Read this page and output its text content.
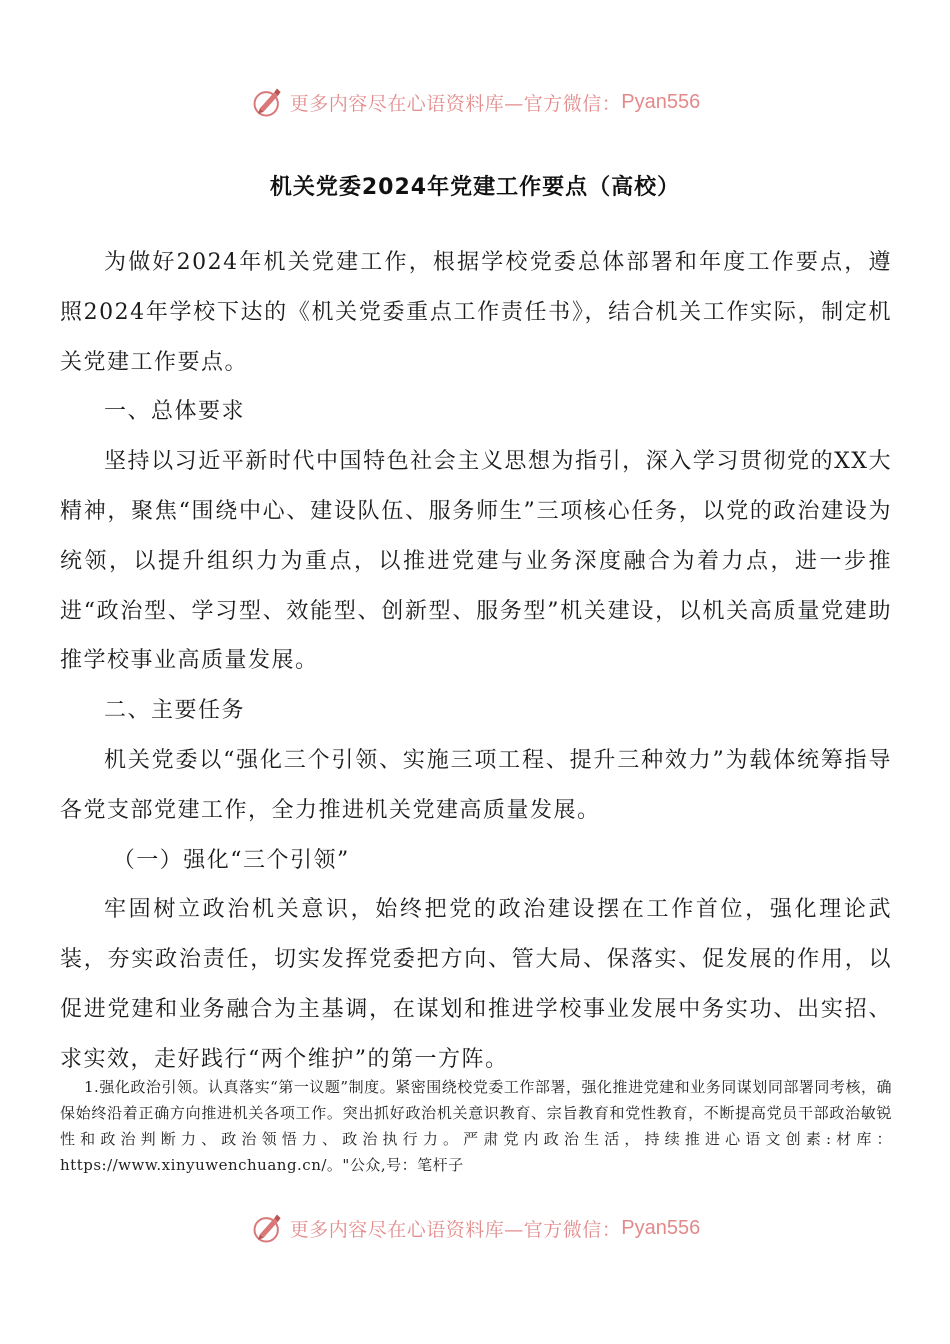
更多内容尽在心语资料库—官方微信： Pyan556
机关党委2024年党建工作要点（高校）

为做好2024年机关党建工作，根据学校党委总体部署和年度工作要点，遵照2024年学校下达的《机关党委重点工作责任书》，结合机关工作实际，制定机关党建工作要点。

一、总体要求

坚持以习近平新时代中国特色社会主义思想为指引，深入学习贯彻党的XX大精神，聚焦“围绕中心、建设队伍、服务师生”三项核心任务，以党的政治建设为统领，以提升组织力为重点，以推进党建与业务深度融合为着力点，进一步推进“政治型、学习型、效能型、创新型、服务型”机关建设，以机关高质量党建助推学校事业高质量发展。

二、主要任务

机关党委以“强化三个引领、实施三项工程、提升三种效力”为载体统筹指导各党支部党建工作，全力推进机关党建高质量发展。

（一）强化“三个引领”

牢固树立政治机关意识，始终把党的政治建设摆在工作首位，强化理论武装，夯实政治责任，切实发挥党委把方向、管大局、保落实、促发展的作用，以促进党建和业务融合为主基调，在谋划和推进学校事业发展中务实功、出实招、求实效，走好践行“两个维护”的第一方阵。

1.强化政治引领。认真落实“第一议题”制度。紧密围绕校党委工作部署，强化推进党建和业务同谋划同部署同考核，确保始终沿着正确方向推进机关各项工作。突出抓好政治机关意识教育、宗旨教育和党性教育，不断提高党员干部政治敏锐性和政治判断力、政治领悟力、政治执行力。严肃党内政治生活，持续推进心语文创素:材库：https://www.xinyuwenchuang.cn/。"公众,号：笔杆子

更多内容尽在心语资料库—官方微信： Pyan556
